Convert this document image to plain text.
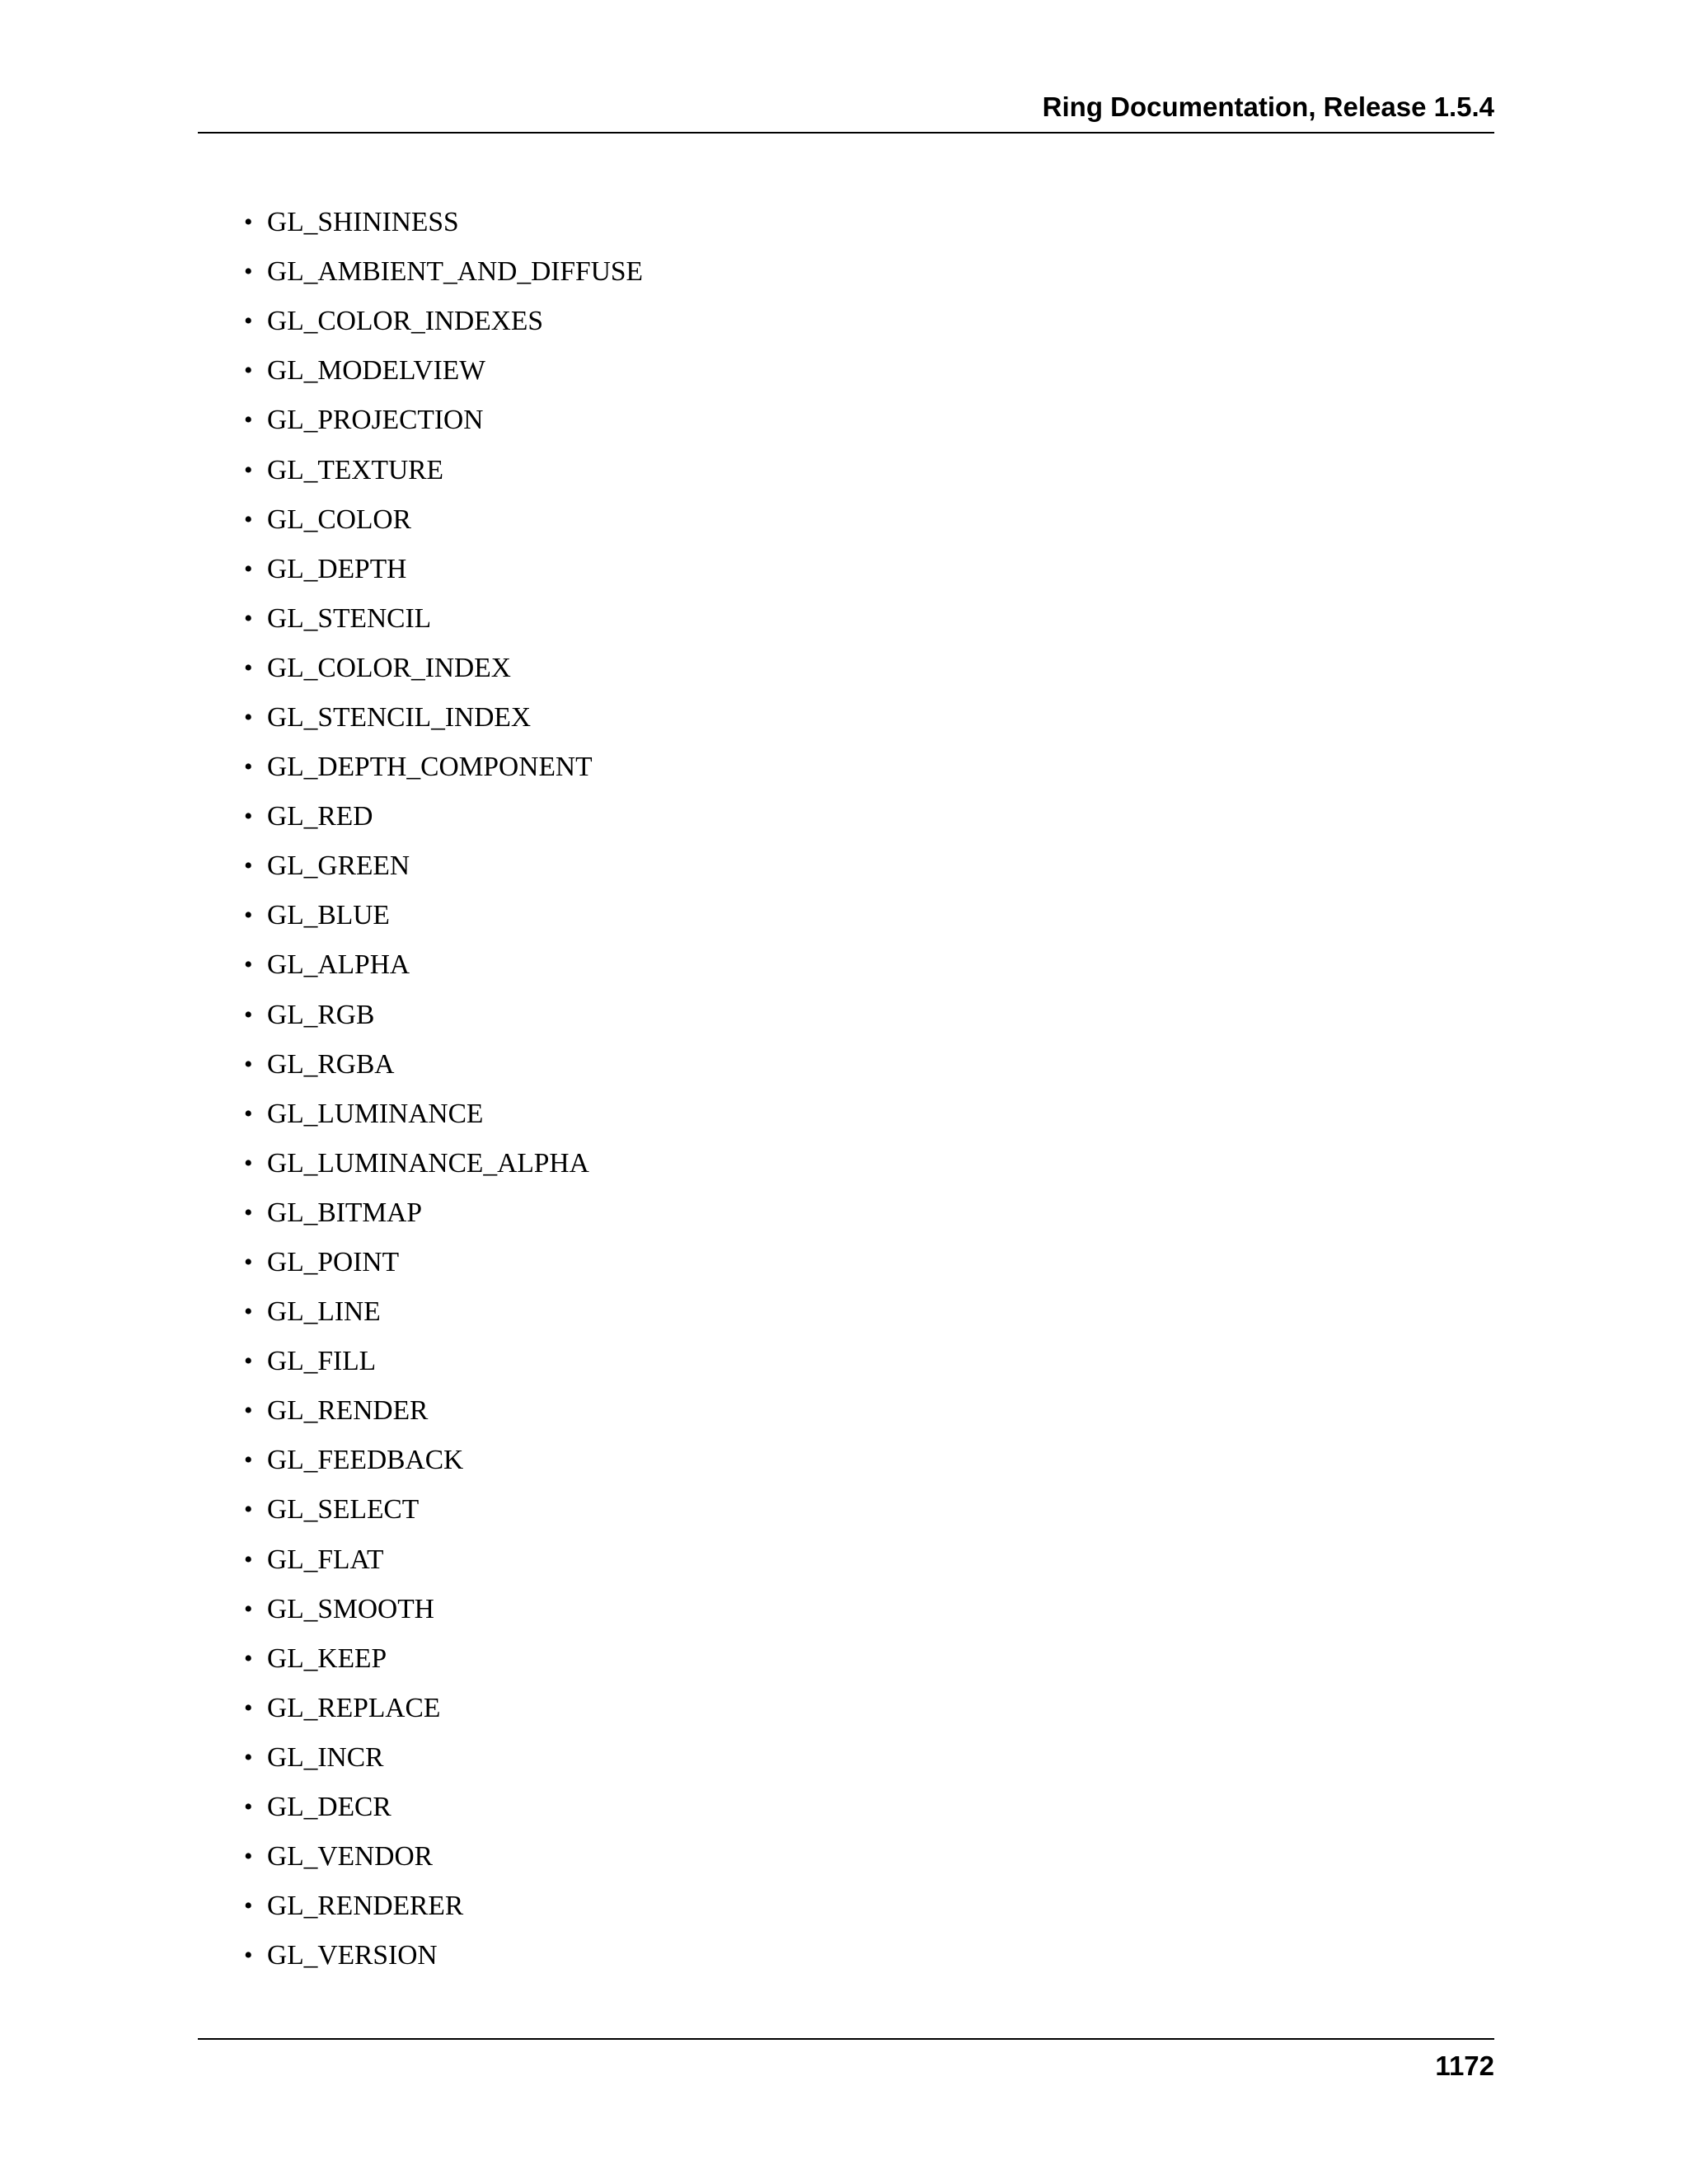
Ring Documentation, Release 1.5.4
• GL_SHININESS
• GL_AMBIENT_AND_DIFFUSE
• GL_COLOR_INDEXES
• GL_MODELVIEW
• GL_PROJECTION
• GL_TEXTURE
• GL_COLOR
• GL_DEPTH
• GL_STENCIL
• GL_COLOR_INDEX
• GL_STENCIL_INDEX
• GL_DEPTH_COMPONENT
• GL_RED
• GL_GREEN
• GL_BLUE
• GL_ALPHA
• GL_RGB
• GL_RGBA
• GL_LUMINANCE
• GL_LUMINANCE_ALPHA
• GL_BITMAP
• GL_POINT
• GL_LINE
• GL_FILL
• GL_RENDER
• GL_FEEDBACK
• GL_SELECT
• GL_FLAT
• GL_SMOOTH
• GL_KEEP
• GL_REPLACE
• GL_INCR
• GL_DECR
• GL_VENDOR
• GL_RENDERER
• GL_VERSION
1172
